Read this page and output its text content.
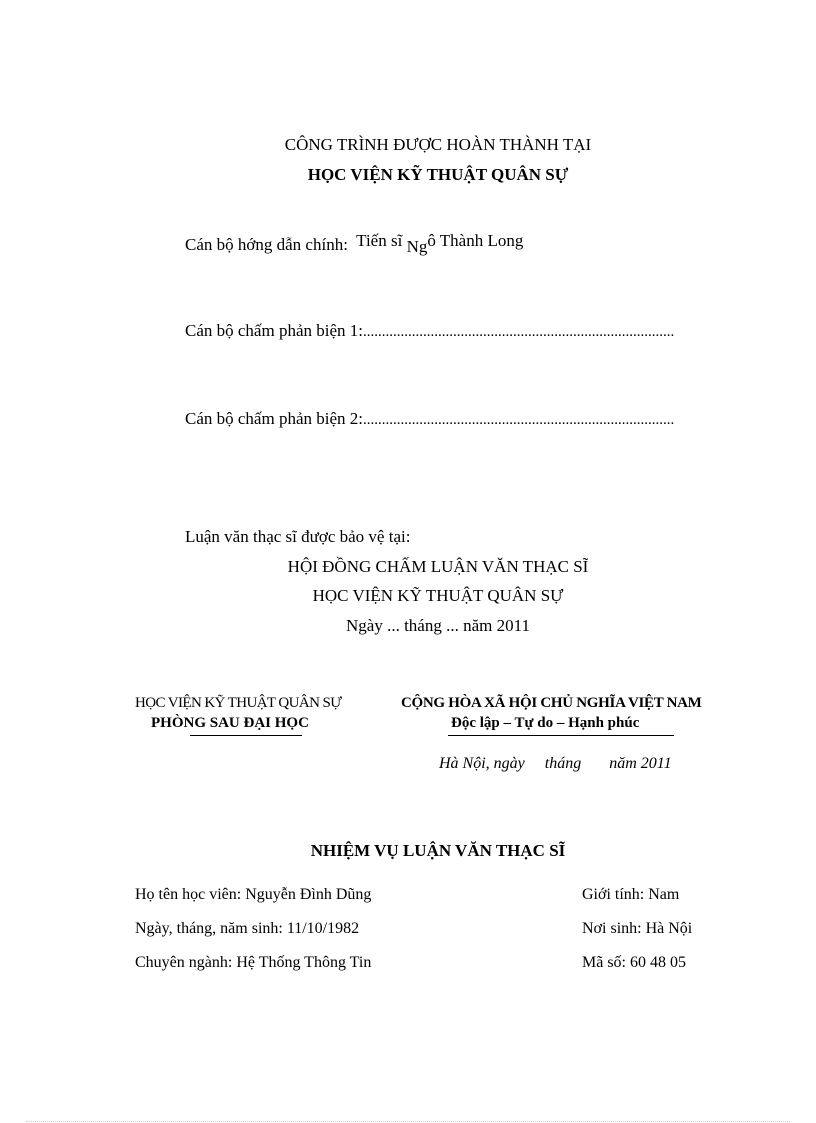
CÔNG TRÌNH ĐƯỢC HOÀN THÀNH TẠI
HỌC VIỆN KỸ THUẬT QUÂN SỰ
Cán bộ hớng dẫn chính: Tiến sĩ Ngô Thành Long
Cán bộ chấm phản biện 1:...................................................................................
Cán bộ chấm phản biện 2:...................................................................................
Luận văn thạc sĩ được bảo vệ tại:
HỘI ĐỒNG CHẤM LUẬN VĂN THẠC SĨ
HỌC VIỆN KỸ THUẬT QUÂN SỰ
Ngày ... tháng ... năm 2011
HỌC VIỆN KỸ THUẬT QUÂN SỰ
PHÒNG SAU ĐẠI HỌC
CỘNG HÒA XÃ HỘI CHỦ NGHĨA VIỆT NAM
Độc lập – Tự do – Hạnh phúc
Hà Nội, ngày     tháng       năm 2011
NHIỆM VỤ LUẬN VĂN THẠC SĨ
Họ tên học viên: Nguyễn Đình Dũng	Giới tính: Nam
Ngày, tháng, năm sinh: 11/10/1982	Nơi sinh: Hà Nội
Chuyên ngành: Hệ Thống Thông Tin	Mã số: 60 48 05
